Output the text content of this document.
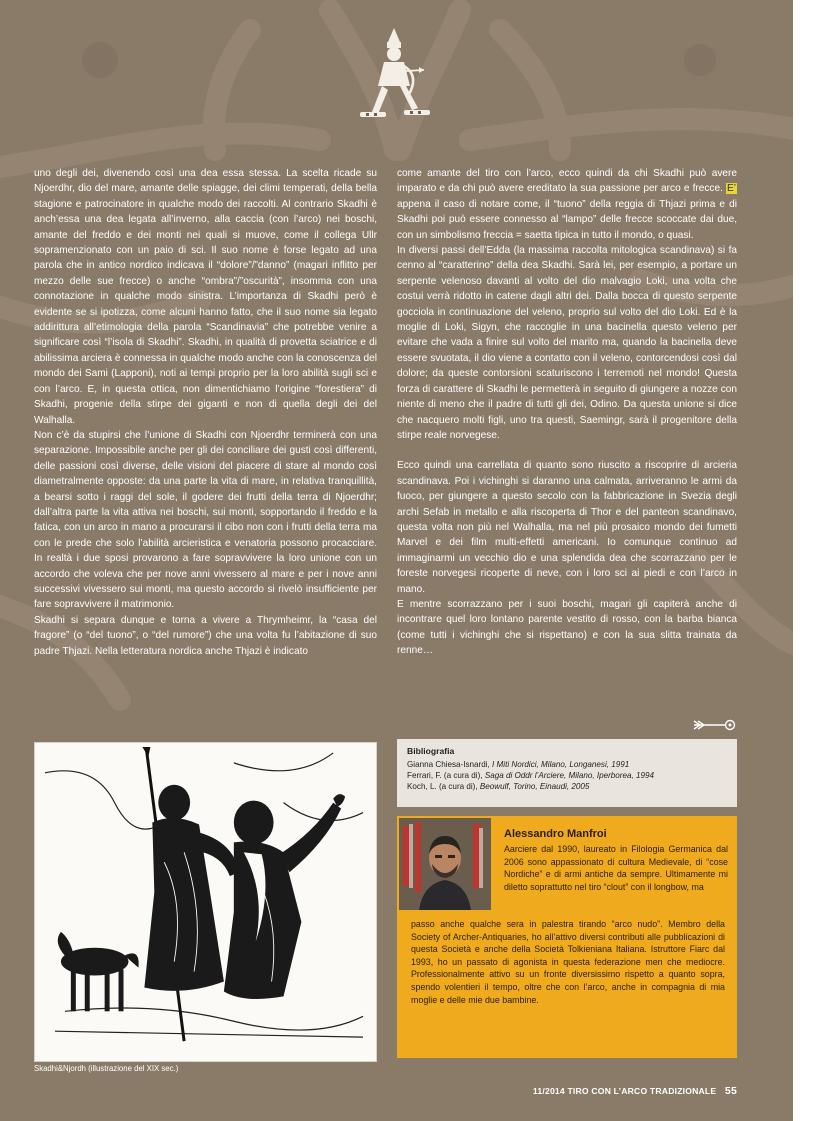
uno degli dei, divenendo così una dea essa stessa. La scelta ricade su Njoerdhr, dio del mare, amante delle spiagge, dei climi temperati, della bella stagione e patrocinatore in qualche modo dei raccolti. Al contrario Skadhi è anch’essa una dea legata all’inverno, alla caccia (con l’arco) nei boschi, amante del freddo e dei monti nei quali si muove, come il collega Ullr sopramenzionato con un paio di sci. Il suo nome è forse legato ad una parola che in antico nordico indicava il “dolore”/”danno” (magari inflitto per mezzo delle sue frecce) o anche “ombra”/”oscurità”, insomma con una connotazione in qualche modo sinistra. L’importanza di Skadhi però è evidente se si ipotizza, come alcuni hanno fatto, che il suo nome sia legato addirittura all’etimologia della parola “Scandinavia” che potrebbe venire a significare così “l’isola di Skadhi”. Skadhi, in qualità di provetta sciatrice e di abilissima arciera è connessa in qualche modo anche con la conoscenza del mondo dei Sami (Lapponi), noti ai tempi proprio per la loro abilità sugli sci e con l’arco. E, in questa ottica, non dimentichiamo l’origine “forestiera” di Skadhi, progenie della stirpe dei giganti e non di quella degli dei del Walhalla.

Non c’è da stupirsi che l’unione di Skadhi con Njoerdhr terminerà con una separazione. Impossibile anche per gli dei conciliare dei gusti così differenti, delle passioni così diverse, delle visioni del piacere di stare al mondo così diametralmente opposte: da una parte la vita di mare, in relativa tranquillità, a bearsi sotto i raggi del sole, il godere dei frutti della terra di Njoerdhr; dall’altra parte la vita attiva nei boschi, sui monti, sopportando il freddo e la fatica, con un arco in mano a procurarsi il cibo non con i frutti della terra ma con le prede che solo l’abilità arcieristica e venatoria possono procacciare. In realtà i due sposi provarono a fare sopravvivere la loro unione con un accordo che voleva che per nove anni vivessero al mare e per i nove anni successivi vivessero sui monti, ma questo accordo si rivelò insufficiente per fare sopravvivere il matrimonio.

Skadhi si separa dunque e torna a vivere a Thrymheimr, la “casa del fragore” (o “del tuono”, o “del rumore”) che una volta fu l’abitazione di suo padre Thjazi. Nella letteratura nordica anche Thjazi è indicato

come amante del tiro con l’arco, ecco quindi da chi Skadhi può avere imparato e da chi può avere ereditato la sua passione per arco e frecce. E’ appena il caso di notare come, il “tuono” della reggia di Thjazi prima e di Skadhi poi può essere connesso al “lampo” delle frecce scoccate dai due, con un simbolismo freccia = saetta tipica in tutto il mondo, o quasi.

In diversi passi dell’Edda (la massima raccolta mitologica scandinava) si fa cenno al “caratterino” della dea Skadhi. Sarà lei, per esempio, a portare un serpente velenoso davanti al volto del dio malvagio Loki, una volta che costui verrà ridotto in catene dagli altri dei. Dalla bocca di questo serpente gocciola in continuazione del veleno, proprio sul volto del dio Loki. Ed è la moglie di Loki, Sigyn, che raccoglie in una bacinella questo veleno per evitare che vada a finire sul volto del marito ma, quando la bacinella deve essere svuotata, il dio viene a contatto con il veleno, contorcendosi così dal dolore; da queste contorsioni scaturiscono i terremoti nel mondo! Questa forza di carattere di Skadhi le permetterà in seguito di giungere a nozze con niente di meno che il padre di tutti gli dei, Odino. Da questa unione si dice che nacquero molti figli, uno tra questi, Saemingr, sarà il progenitore della stirpe reale norvegese.

Ecco quindi una carrellata di quanto sono riuscito a riscoprire di arcieria scandinava. Poi i vichinghi si daranno una calmata, arriveranno le armi da fuoco, per giungere a questo secolo con la fabbricazione in Svezia degli archi Sefab in metallo e alla riscoperta di Thor e del panteon scandinavo, questa volta non più nel Walhalla, ma nel più prosaico mondo dei fumetti Marvel e dei film multi-effetti americani. Io comunque continuo ad immaginarmi un vecchio dio e una splendida dea che scorrazzano per le foreste norvegesi ricoperte di neve, con i loro sci ai piedi e con l’arco in mano.

E mentre scorrazzano per i suoi boschi, magari gli capiterà anche di incontrare quel loro lontano parente vestito di rosso, con la barba bianca (come tutti i vichinghi che si rispettano) e con la sua slitta trainata da renne…

Skadhi&Njordh (illustrazione del XIX sec.)
Bibliografia
Gianna Chiesa-Isnardi, I Miti Nordici, Milano, Longanesi, 1991
Ferrari, F. (a cura di), Saga di Oddr l’Arciere, Milano, Iperborea, 1994
Koch, L. (a cura di), Beowulf, Torino, Einaudi, 2005
Alessandro Manfroi
Aarciere dal 1990, laureato in Filologia Germanica dal 2006 sono appassionato di cultura Medievale, di “cose Nordiche” e di armi antiche da sempre. Ultimamente mi diletto soprattutto nel tiro “clout” con il longbow, ma
passo anche qualche sera in palestra tirando “arco nudo”. Membro della Society of Archer-Antiquaries, ho all’attivo diversi contributi alle pubblicazioni di questa Società e anche della Società Tolkieniana Italiana. Istruttore Fiarc dal 1993, ho un passato di agonista in questa federazione men che mediocre. Professionalmente attivo su un fronte diversissimo rispetto a quanto sopra, spendo volentieri il tempo, oltre che con l’arco, anche in compagnia di mia moglie e delle mie due bambine.
11/2014 TIRO CON L’ARCO TRADIZIONALE 55
